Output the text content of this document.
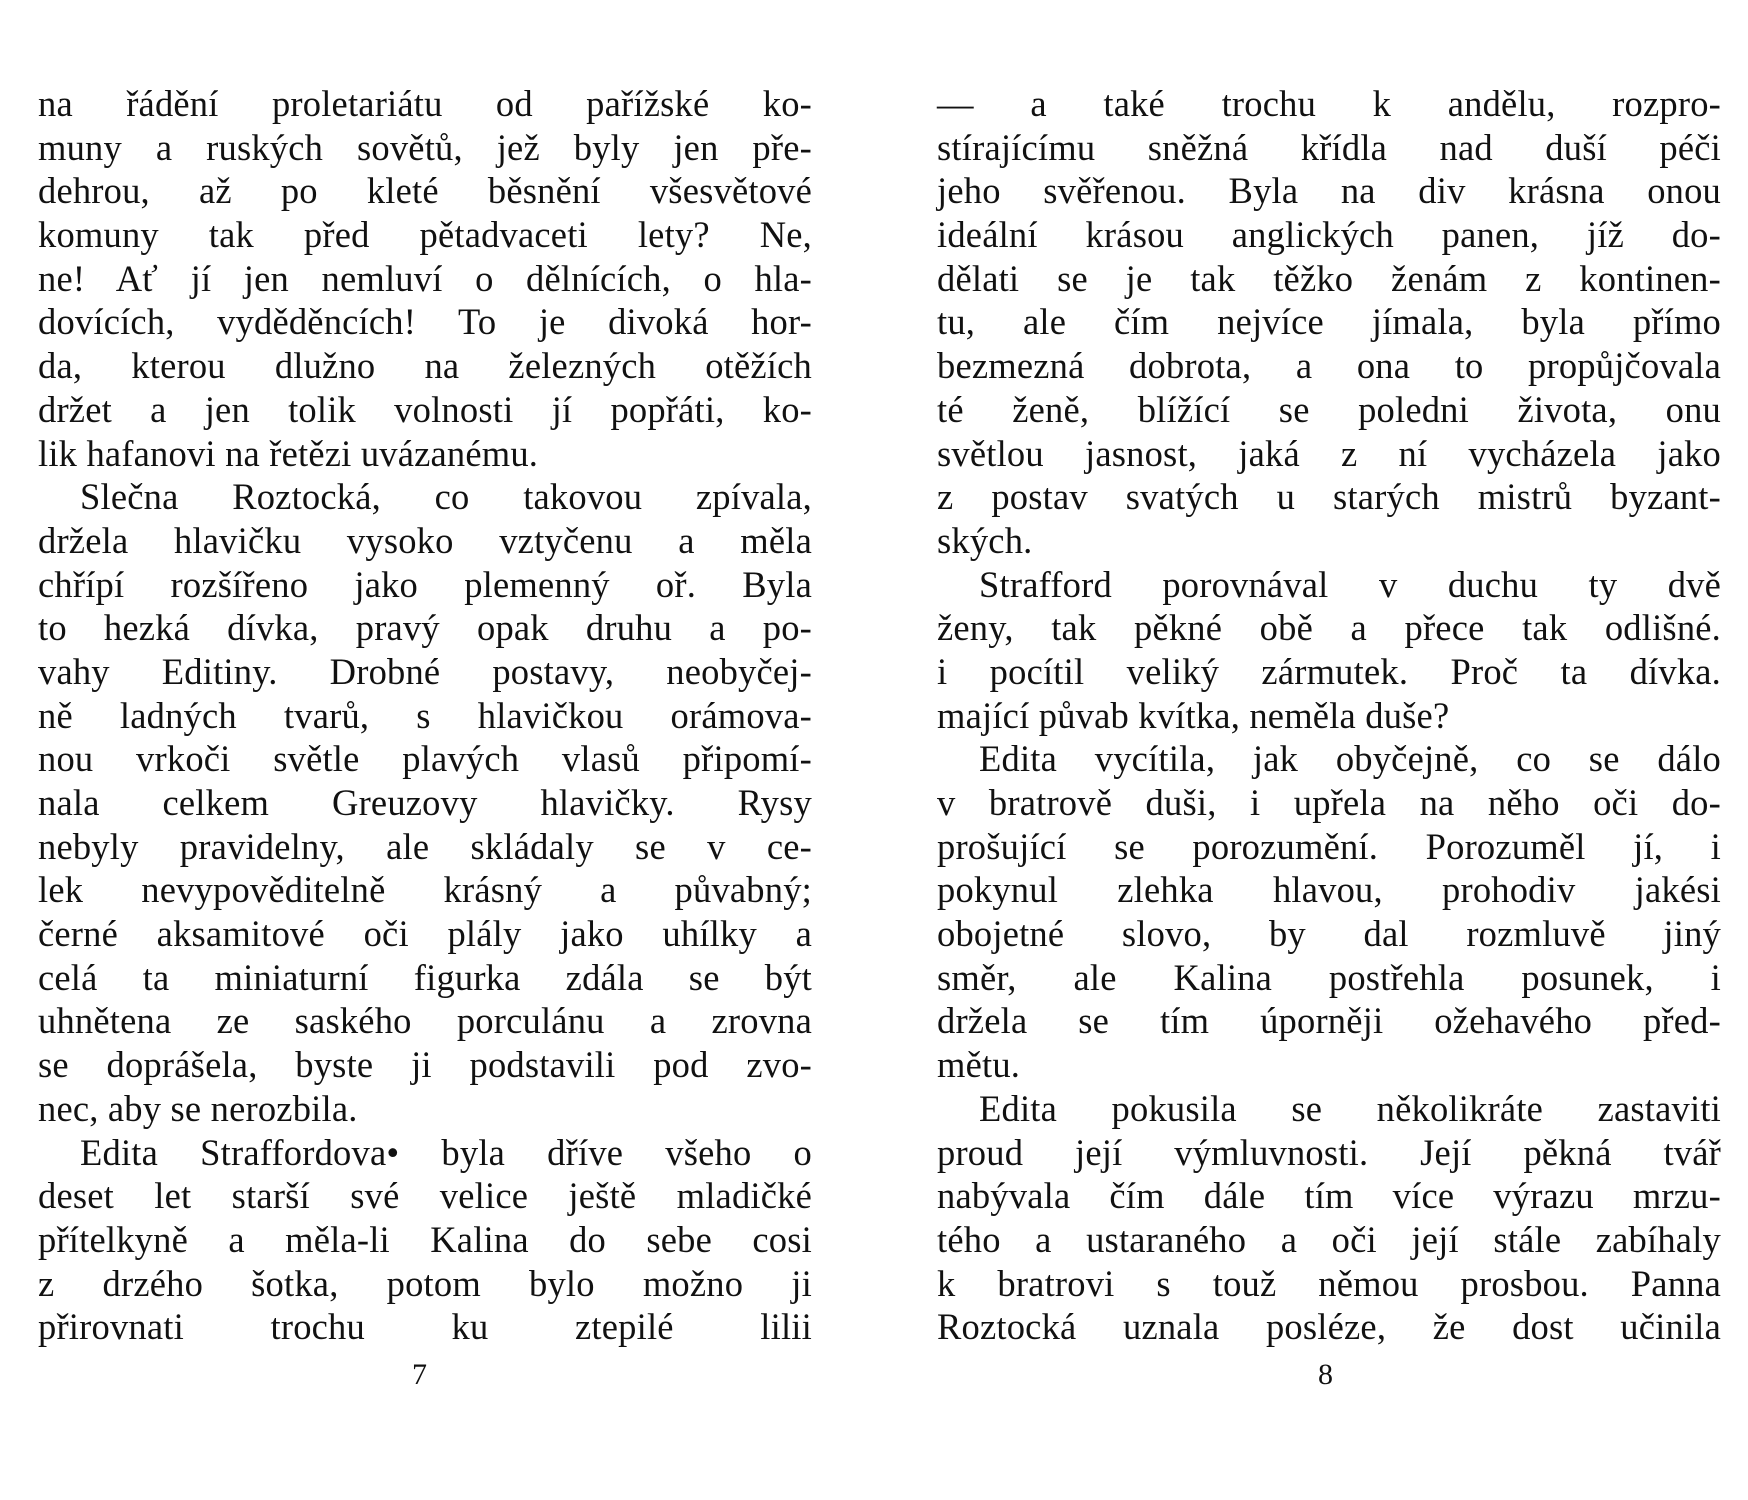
na řádění proletariátu od pařížské ko-
muny a ruských sovětů, jež byly jen pře-
dehrou, až po kleté běsnění všesvětové
komuny tak před pětadvaceti lety? Ne,
ne! Ať jí jen nemluví o dělnících, o hla-
dovících, vyděděncích! To je divoká hor-
da, kterou dlužno na železných otěžích
držet a jen tolik volnosti jí popřáti, ko-
lik hafanovi na řetězi uvázanému.
Slečna Roztocká, co takovou zpívala,
držela hlavičku vysoko vztyčenu a měla
chřípí rozšířeno jako plemenný oř. Byla
to hezká dívka, pravý opak druhu a po-
vahy Editiny. Drobné postavy, neobyčej-
ně ladných tvarů, s hlavičkou orámova-
nou vrkoči světle plavých vlasů připomí-
nala celkem Greuzovy hlavičky. Rysy
nebyly pravidelny, ale skládaly se v ce-
lek nevypověditelně krásný a půvabný;
černé aksamitové oči plály jako uhílky a
celá ta miniaturní figurka zdála se být
uhnětena ze saského porculánu a zrovna
se doprášela, byste ji podstavili pod zvo-
nec, aby se nerozbila.
Edita Straffordova• byla dříve všeho o
deset let starší své velice ještě mladičké
přítelkyně a měla-li Kalina do sebe cosi
z drzého šotka, potom bylo možno ji
přirovnati trochu ku ztepilé lilii
— a také trochu k andělu, rozpro-
stírajícímu sněžná křídla nad duší péči
jeho svěřenou. Byla na div krásna onou
ideální krásou anglických panen, jíž do-
dělati se je tak těžko ženám z kontinen-
tu, ale čím nejvíce jímala, byla přímo
bezmezná dobrota, a ona to propůjčovala
té ženě, blížící se poledni života, onu
světlou jasnost, jaká z ní vycházela jako
z postav svatých u starých mistrů byzant-
ských.
Strafford porovnával v duchu ty dvě
ženy, tak pěkné obě a přece tak odlišné.
i pocítil veliký zármutek. Proč ta dívka.
mající půvab kvítka, neměla duše?
Edita vycítila, jak obyčejně, co se dálo
v bratrově duši, i upřela na něho oči do-
prošující se porozumění. Porozuměl jí, i
pokynul zlehka hlavou, prohodiv jakési
obojetné slovo, by dal rozmluvě jiný
směr, ale Kalina postřehla posunek, i
držela se tím úporněji ožehavého před-
mětu.
Edita pokusila se několikráte zastaviti
proud její výmluvnosti. Její pěkná tvář
nabývala čím dále tím více výrazu mrzu-
tého a ustaraného a oči její stále zabíhaly
k bratrovi s touž němou prosbou. Panna
Roztocká uznala posléze, že dost učinila
7	8
